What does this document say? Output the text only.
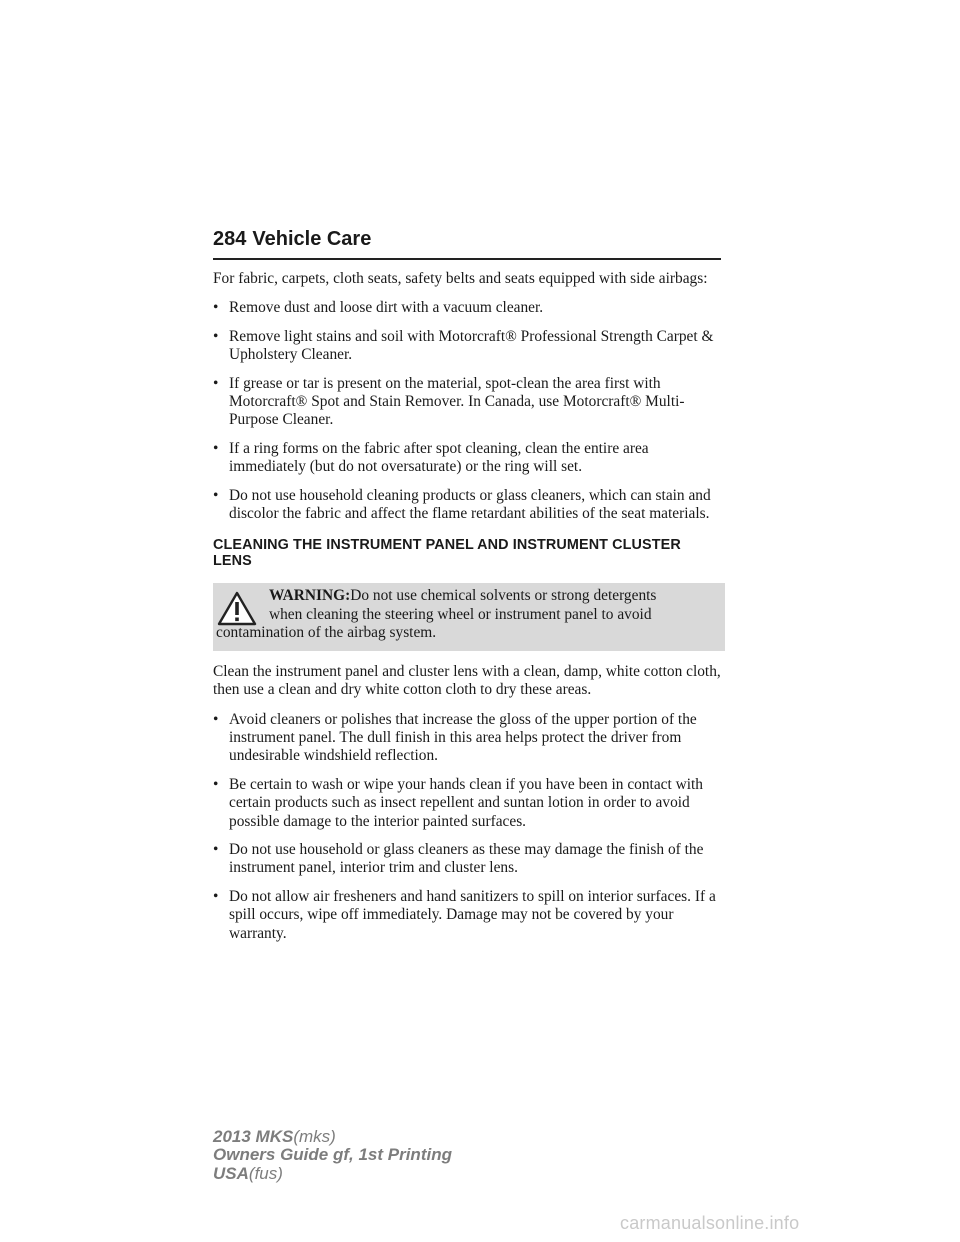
284 Vehicle Care

For fabric, carpets, cloth seats, safety belts and seats equipped with side airbags:

• Remove dust and loose dirt with a vacuum cleaner.
• Remove light stains and soil with Motorcraft® Professional Strength Carpet & Upholstery Cleaner.
• If grease or tar is present on the material, spot-clean the area first with Motorcraft® Spot and Stain Remover. In Canada, use Motorcraft® Multi-Purpose Cleaner.
• If a ring forms on the fabric after spot cleaning, clean the entire area immediately (but do not oversaturate) or the ring will set.
• Do not use household cleaning products or glass cleaners, which can stain and discolor the fabric and affect the flame retardant abilities of the seat materials.
CLEANING THE INSTRUMENT PANEL AND INSTRUMENT CLUSTER LENS
WARNING:Do not use chemical solvents or strong detergents
when cleaning the steering wheel or instrument panel to avoid
contamination of the airbag system.

Clean the instrument panel and cluster lens with a clean, damp, white cotton cloth, then use a clean and dry white cotton cloth to dry these areas.

• Avoid cleaners or polishes that increase the gloss of the upper portion of the instrument panel. The dull finish in this area helps protect the driver from undesirable windshield reflection.
• Be certain to wash or wipe your hands clean if you have been in contact with certain products such as insect repellent and suntan lotion in order to avoid possible damage to the interior painted surfaces.
• Do not use household or glass cleaners as these may damage the finish of the instrument panel, interior trim and cluster lens.
• Do not allow air fresheners and hand sanitizers to spill on interior surfaces. If a spill occurs, wipe off immediately. Damage may not be covered by your warranty.
2013 MKS(mks)
Owners Guide gf, 1st Printing
USA(fus)
carmanualsonline.info
